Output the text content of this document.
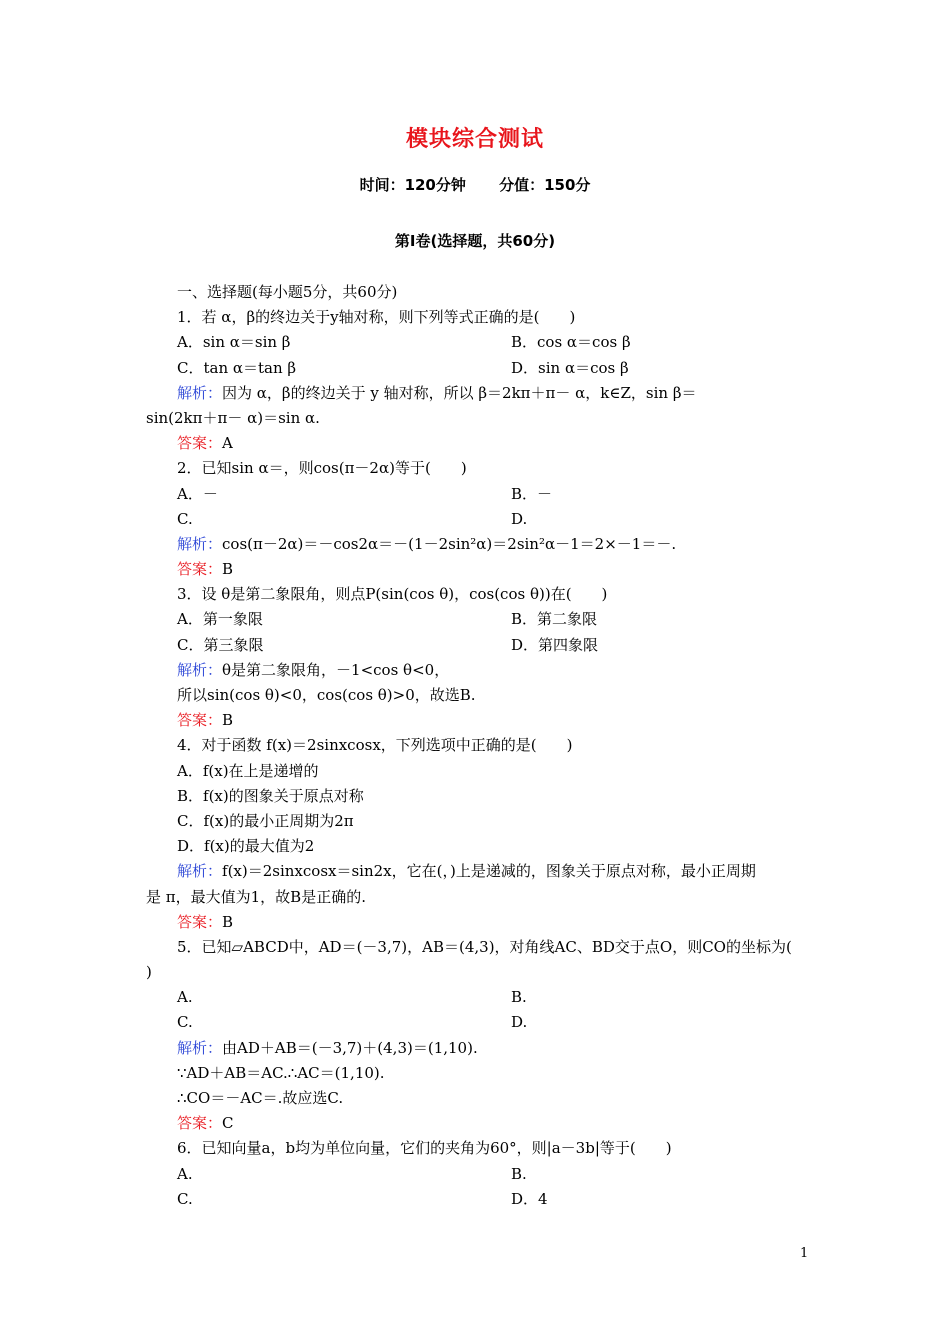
模块综合测试
时间：120分钟 分值：150分
第Ⅰ卷(选择题，共60分)
一、选择题(每小题5分，共60分)
1．若 α，β的终边关于y轴对称，则下列等式正确的是(　　)
A．sin α＝sin β	B．cos α＝cos β
C．tan α＝tan β	D．sin α＝cos β
解析：因为 α，β的终边关于 y 轴对称，所以 β＝2kπ＋π－ α，k∈Z，sin β＝
sin(2kπ＋π－ α)＝sin α.
答案：A
2．已知sin α＝，则cos(π－2α)等于(　　)
A．－	B．－
C.	D.
解析：cos(π－2α)＝－cos2α＝－(1－2sin²α)＝2sin²α－1＝2×－1＝－.
答案：B
3．设 θ是第二象限角，则点P(sin(cos θ)，cos(cos θ))在(　　)
A．第一象限	B．第二象限
C．第三象限	D．第四象限
解析：θ是第二象限角，－1<cos θ<0，
所以sin(cos θ)<0，cos(cos θ)>0，故选B.
答案：B
4．对于函数 f(x)＝2sinxcosx，下列选项中正确的是(　　)
A．f(x)在上是递增的
B．f(x)的图象关于原点对称
C．f(x)的最小正周期为2π
D．f(x)的最大值为2
解析：f(x)＝2sinxcosx＝sin2x，它在(，)上是递减的，图象关于原点对称，最小正周期
是 π，最大值为1，故B是正确的.
答案：B
5．已知▱ABCD中，AD＝(－3,7)，AB＝(4,3)，对角线AC、BD交于点O，则CO的坐标为(
)
A.	B.
C.	D.
解析：由AD＋AB＝(－3,7)＋(4,3)＝(1,10).
∵AD＋AB＝AC.∴AC＝(1,10).
∴CO＝－AC＝.故应选C.
答案：C
6．已知向量a，b均为单位向量，它们的夹角为60°，则|a－3b|等于(　　)
A.	B.
C.	D．4
1
